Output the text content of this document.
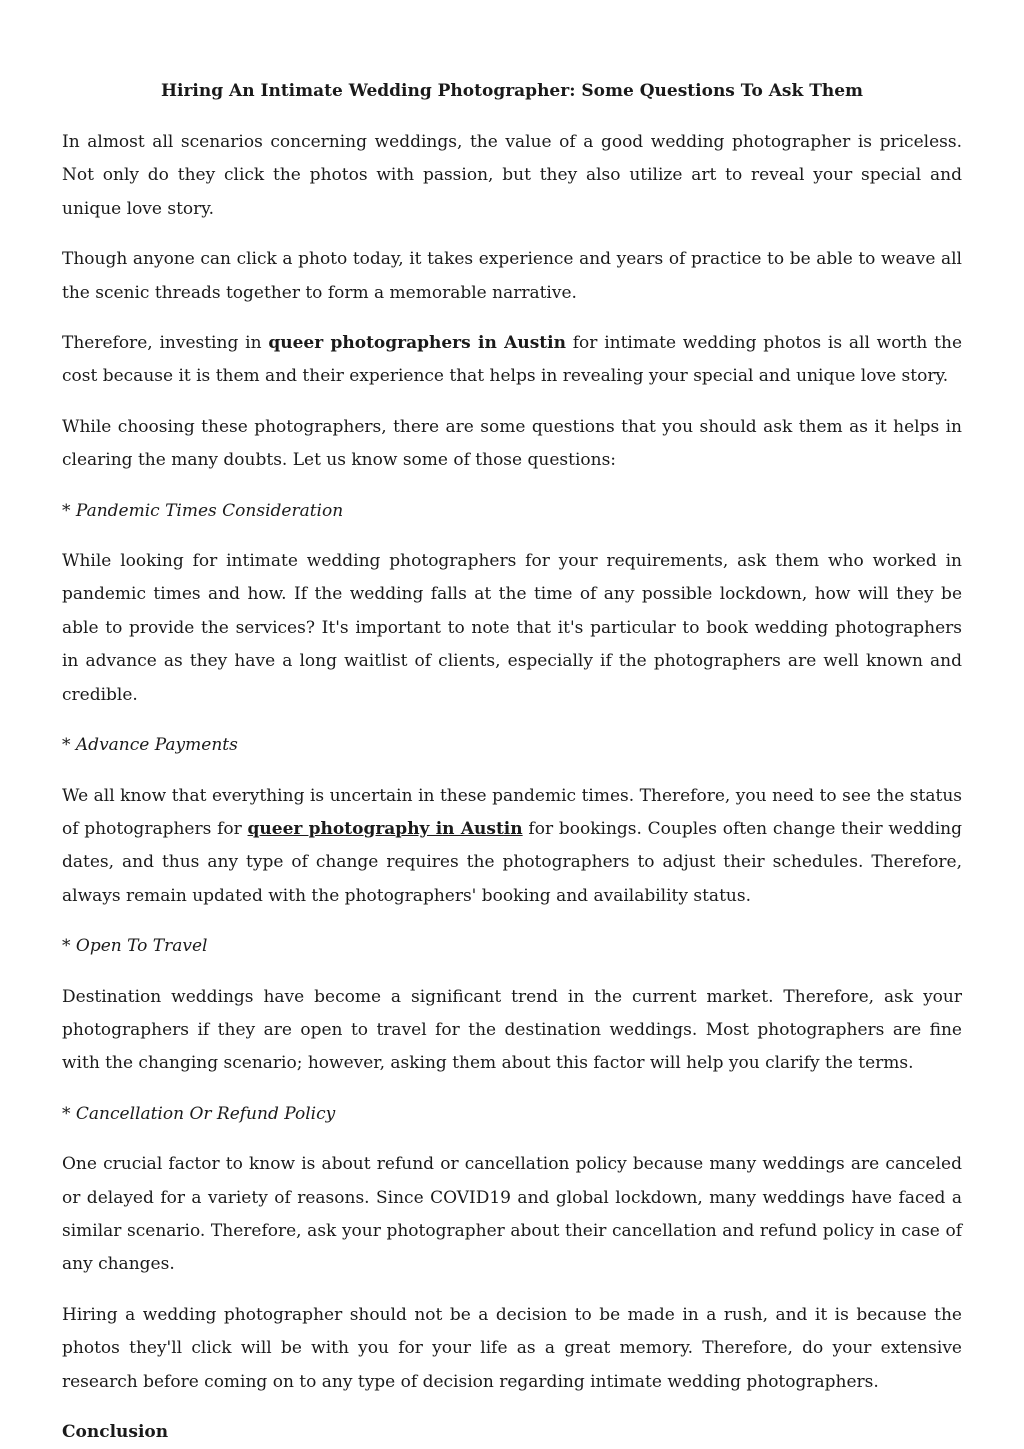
Hiring An Intimate Wedding Photographer: Some Questions To Ask Them

In almost all scenarios concerning weddings, the value of a good wedding photographer is priceless. Not only do they click the photos with passion, but they also utilize art to reveal your special and unique love story.

Though anyone can click a photo today, it takes experience and years of practice to be able to weave all the scenic threads together to form a memorable narrative.

Therefore, investing in queer photographers in Austin for intimate wedding photos is all worth the cost because it is them and their experience that helps in revealing your special and unique love story.

While choosing these photographers, there are some questions that you should ask them as it helps in clearing the many doubts. Let us know some of those questions:

* Pandemic Times Consideration

While looking for intimate wedding photographers for your requirements, ask them who worked in pandemic times and how. If the wedding falls at the time of any possible lockdown, how will they be able to provide the services? It's important to note that it's particular to book wedding photographers in advance as they have a long waitlist of clients, especially if the photographers are well known and credible.

* Advance Payments

We all know that everything is uncertain in these pandemic times. Therefore, you need to see the status of photographers for queer photography in Austin for bookings. Couples often change their wedding dates, and thus any type of change requires the photographers to adjust their schedules. Therefore, always remain updated with the photographers' booking and availability status.

* Open To Travel

Destination weddings have become a significant trend in the current market. Therefore, ask your photographers if they are open to travel for the destination weddings. Most photographers are fine with the changing scenario; however, asking them about this factor will help you clarify the terms.

* Cancellation Or Refund Policy

One crucial factor to know is about refund or cancellation policy because many weddings are canceled or delayed for a variety of reasons. Since COVID19 and global lockdown, many weddings have faced a similar scenario. Therefore, ask your photographer about their cancellation and refund policy in case of any changes.

Hiring a wedding photographer should not be a decision to be made in a rush, and it is because the photos they'll click will be with you for your life as a great memory. Therefore, do your extensive research before coming on to any type of decision regarding intimate wedding photographers.

Conclusion
